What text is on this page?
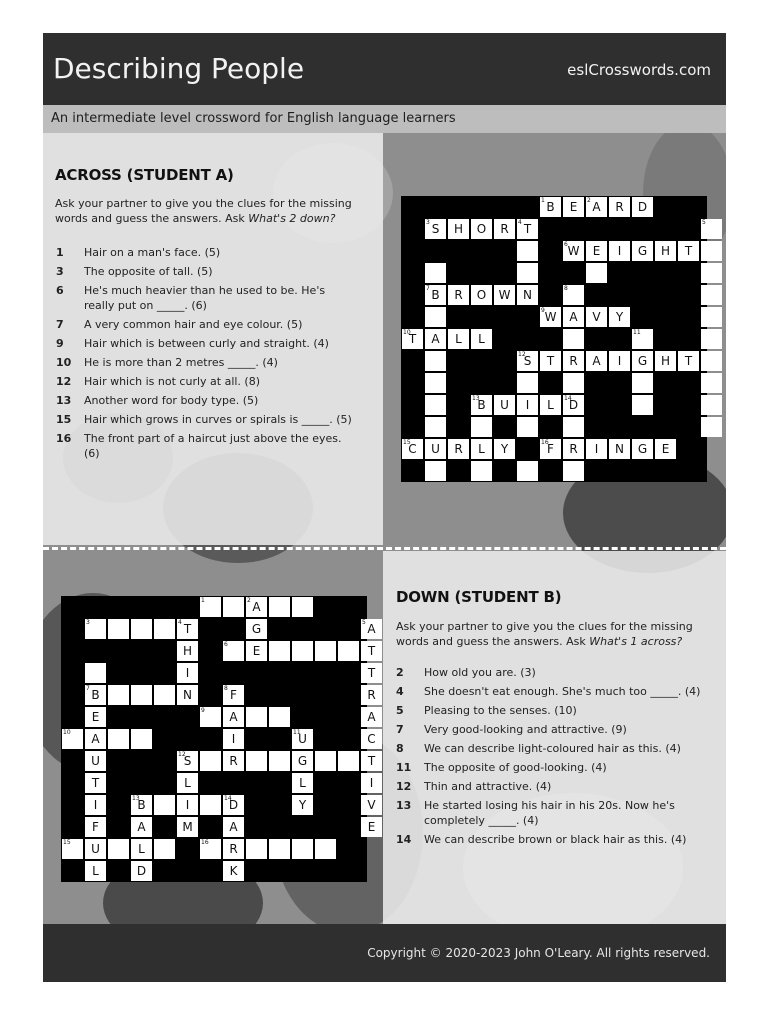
Describing People	eslCrosswords.com
An intermediate level crossword for English language learners
ACROSS (STUDENT A)
Ask your partner to give you the clues for the missing words and guess the answers. Ask What's 2 down?
1 Hair on a man's face. (5)
3 The opposite of tall. (5)
6 He's much heavier than he used to be. He's really put on _____. (6)
7 A very common hair and eye colour. (5)
9 Hair which is between curly and straight. (4)
10 He is more than 2 metres _____. (4)
12 Hair which is not curly at all. (8)
13 Another word for body type. (5)
15 Hair which grows in curves or spirals is _____. (5)
16 The front part of a haircut just above the eyes. (6)
1 B	E	2 A	R	D
3 S	H	O	R	4 T	5
E
6 W	I	G	H	T
7 B	R	O	W	N	8
9 W	A	V	Y
10
T	A	L	L	11
12
S	T	R	A	I	G	H	T
13
B	U	I	L	14
D
15
C	U	R	L	Y	16
F	R	I	N	G	E
DOWN (STUDENT B)
Ask your partner to give you the clues for the missing words and guess the answers. Ask What's 1 across?
2 How old you are. (3)
4 She doesn't eat enough. She's much too _____. (4)
5 Pleasing to the senses. (10)
7 Very good-looking and attractive. (9)
8 We can describe light-coloured hair as this. (4)
11 The opposite of good-looking. (4)
12 Thin and attractive. (4)
13 He started losing his hair in his 20s. Now he's completely _____. (4)
14 We can describe brown or black hair as this. (4)
1	2 A
3	4 T	G	5 A
H	6	E	T
I	T
7 B	N	8 F	R
E	9	A	A
10	A	I	11
U	C
U	12
S	R	G	T
T	L	L	I
I	13
B	I	14
D	Y	V
F	A	M	A	E
15	U	L	16	R
L	D	K
Copyright © 2020-2023 John O'Leary. All rights reserved.
